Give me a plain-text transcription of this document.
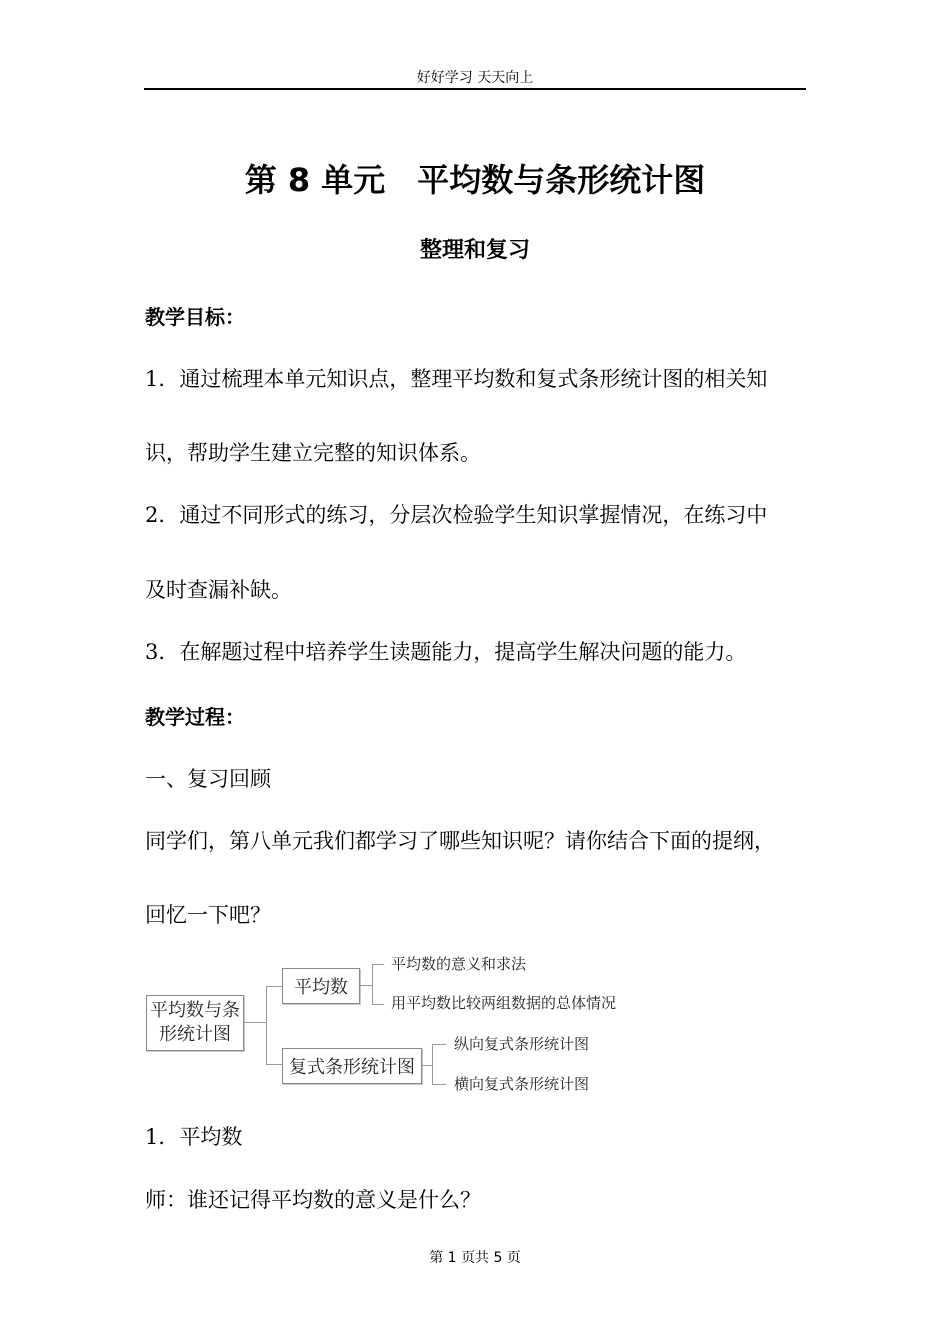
好好学习 天天向上
第 8 单元　平均数与条形统计图
整理和复习
教学目标：
1．通过梳理本单元知识点，整理平均数和复式条形统计图的相关知
识，帮助学生建立完整的知识体系。
2．通过不同形式的练习，分层次检验学生知识掌握情况，在练习中
及时查漏补缺。
3．在解题过程中培养学生读题能力，提高学生解决问题的能力。
教学过程：
一、复习回顾
同学们，第八单元我们都学习了哪些知识呢？请你结合下面的提纲，
回忆一下吧？
平均数与条
形统计图
平均数
平均数的意义和求法
用平均数比较两组数据的总体情况
复式条形统计图
纵向复式条形统计图
横向复式条形统计图
1．平均数
师：谁还记得平均数的意义是什么？
第 1 页共 5 页
